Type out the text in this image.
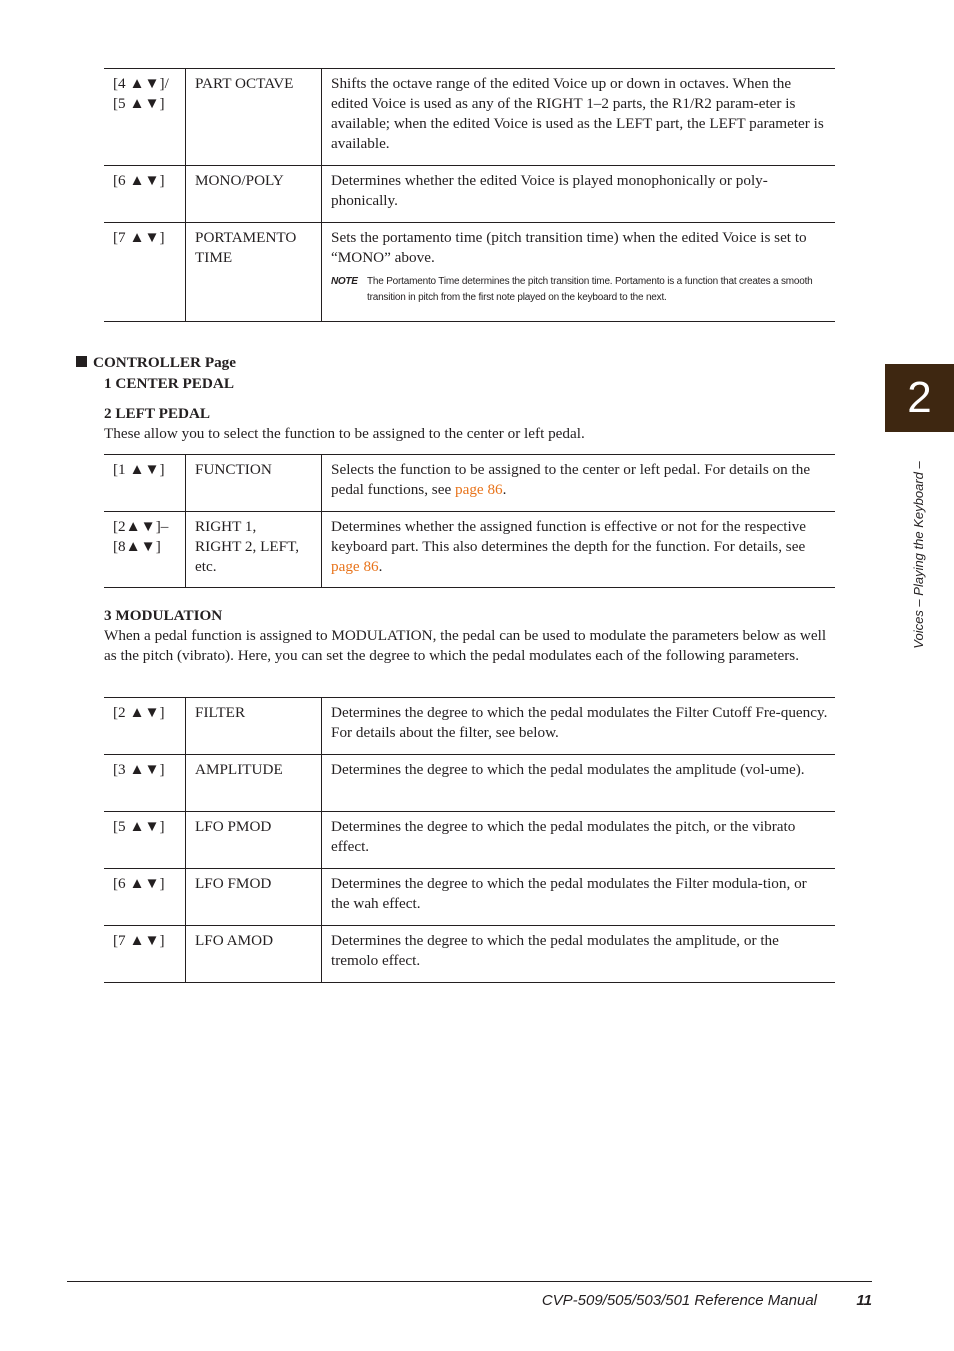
[4 ▲▼]/
[5 ▲▼]	PART OCTAVE	Shifts the octave range of the edited Voice up or down in octaves. When the edited Voice is used as any of the RIGHT 1–2 parts, the R1/R2 param-eter is available; when the edited Voice is used as the LEFT part, the LEFT parameter is available.
[6 ▲▼]	MONO/POLY	Determines whether the edited Voice is played monophonically or poly-phonically.
[7 ▲▼]	PORTAMENTO TIME	Sets the portamento time (pitch transition time) when the edited Voice is set to “MONO” above.
NOTE The Portamento Time determines the pitch transition time. Portamento is a function that creates a smooth transition in pitch from the first note played on the keyboard to the next.
CONTROLLER Page
1 CENTER PEDAL
2 LEFT PEDAL
These allow you to select the function to be assigned to the center or left pedal.
[1 ▲▼]	FUNCTION	Selects the function to be assigned to the center or left pedal. For details on the pedal functions, see page 86.
[2▲▼]–
[8▲▼]	RIGHT 1,
RIGHT 2, LEFT,
etc.	Determines whether the assigned function is effective or not for the respective keyboard part. This also determines the depth for the function. For details, see page 86.
3 MODULATION
When a pedal function is assigned to MODULATION, the pedal can be used to modulate the parameters below as well as the pitch (vibrato). Here, you can set the degree to which the pedal modulates each of the following parameters.
[2 ▲▼]	FILTER	Determines the degree to which the pedal modulates the Filter Cutoff Fre-quency. For details about the filter, see below.
[3 ▲▼]	AMPLITUDE	Determines the degree to which the pedal modulates the amplitude (vol-ume).
[5 ▲▼]	LFO PMOD	Determines the degree to which the pedal modulates the pitch, or the vibrato effect.
[6 ▲▼]	LFO FMOD	Determines the degree to which the pedal modulates the Filter modula-tion, or the wah effect.
[7 ▲▼]	LFO AMOD	Determines the degree to which the pedal modulates the amplitude, or the tremolo effect.
2
Voices – Playing the Keyboard –
CVP-509/505/503/501 Reference Manual	11
